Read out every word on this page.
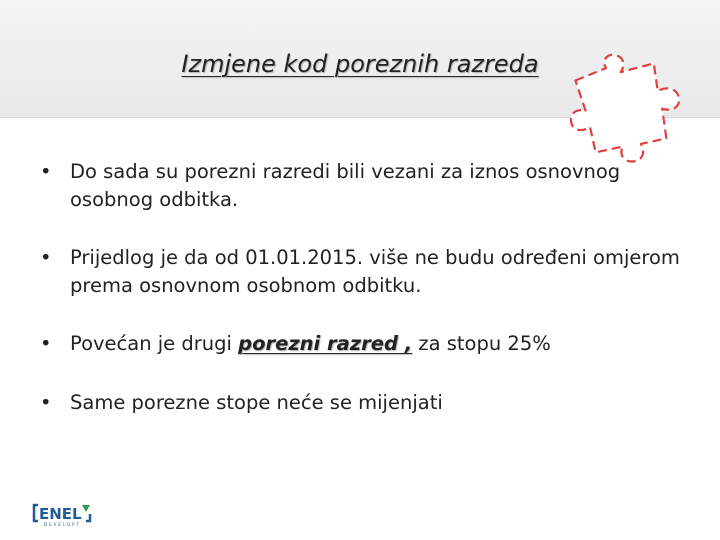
Izmjene kod poreznih razreda
• Do sada su porezni razredi bili vezani za iznos osnovnog osobnog odbitka.
• Prijedlog je da od 01.01.2015. više ne budu određeni omjerom prema osnovnom osobnom odbitku.
• Povećan je drugi porezni razred , za stopu 25%
• Same porezne stope neće se mijenjati
ENEL
DEVELOPT
